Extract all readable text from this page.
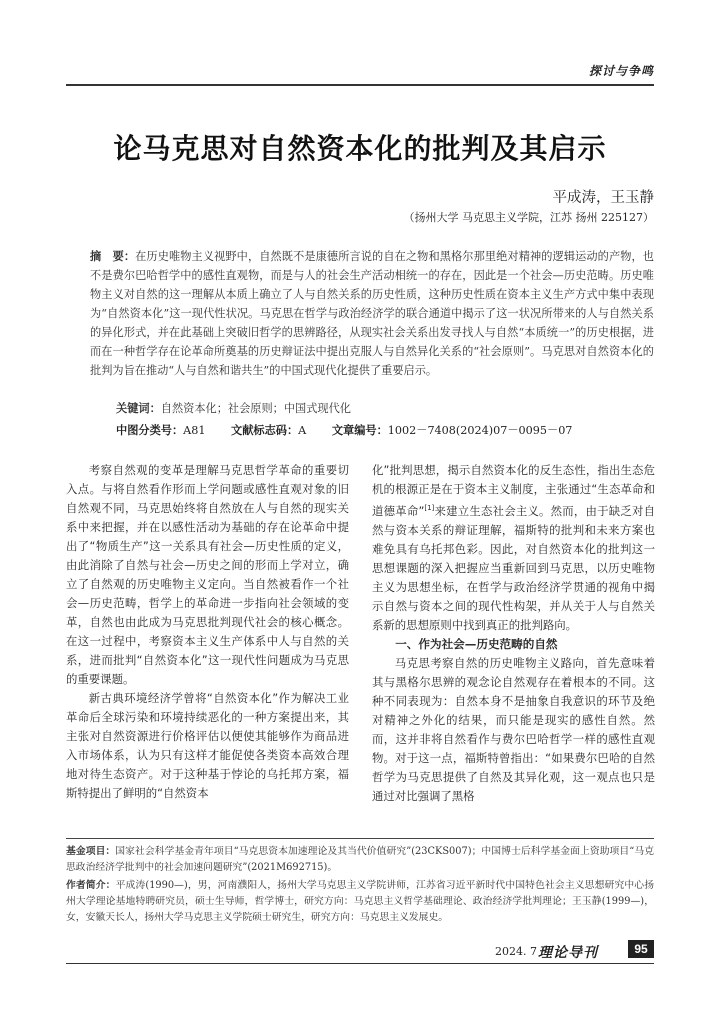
探讨与争鸣
论马克思对自然资本化的批判及其启示
平成涛，王玉静
（扬州大学 马克思主义学院，江苏 扬州 225127）
摘　要：在历史唯物主义视野中，自然既不是康德所言说的自在之物和黑格尔那里绝对精神的逻辑运动的产物，也不是费尔巴哈哲学中的感性直观物，而是与人的社会生产活动相统一的存在，因此是一个社会—历史范畴。历史唯物主义对自然的这一理解从本质上确立了人与自然关系的历史性质，这种历史性质在资本主义生产方式中集中表现为“自然资本化”这一现代性状况。马克思在哲学与政治经济学的联合通道中揭示了这一状况所带来的人与自然关系的异化形式，并在此基础上突破旧哲学的思辨路径，从现实社会关系出发寻找人与自然“本质统一”的历史根据，进而在一种哲学存在论革命所奠基的历史辩证法中提出克服人与自然异化关系的“社会原则”。马克思对自然资本化的批判为旨在推动“人与自然和谐共生”的中国式现代化提供了重要启示。
关键词：自然资本化；社会原则；中国式现代化
中图分类号：A81 文献标志码：A 文章编号：1002－7408(2024)07－0095－07

考察自然观的变革是理解马克思哲学革命的重要切入点。与将自然看作形而上学问题或感性直观对象的旧自然观不同，马克思始终将自然放在人与自然的现实关系中来把握，并在以感性活动为基础的存在论革命中提出了“物质生产”这一关系具有社会—历史性质的定义，由此消除了自然与社会—历史之间的形而上学对立，确立了自然观的历史唯物主义定向。当自然被看作一个社会—历史范畴，哲学上的革命进一步指向社会领域的变革，自然也由此成为马克思批判现代社会的核心概念。在这一过程中，考察资本主义生产体系中人与自然的关系，进而批判“自然资本化”这一现代性问题成为马克思的重要课题。

新古典环境经济学曾将“自然资本化”作为解决工业革命后全球污染和环境持续恶化的一种方案提出来，其主张对自然资源进行价格评估以便使其能够作为商品进入市场体系，认为只有这样才能促使各类资本高效合理地对待生态资产。对于这种基于悖论的乌托邦方案，福斯特提出了鲜明的“自然资本

化”批判思想，揭示自然资本化的反生态性，指出生态危机的根源正是在于资本主义制度，主张通过“生态革命和道德革命”[1]来建立生态社会主义。然而，由于缺乏对自然与资本关系的辩证理解，福斯特的批判和未来方案也难免具有乌托邦色彩。因此，对自然资本化的批判这一思想课题的深入把握应当重新回到马克思，以历史唯物主义为思想坐标，在哲学与政治经济学贯通的视角中揭示自然与资本之间的现代性构架，并从关于人与自然关系新的思想原则中找到真正的批判路向。

一、作为社会—历史范畴的自然

马克思考察自然的历史唯物主义路向，首先意味着其与黑格尔思辨的观念论自然观存在着根本的不同。这种不同表现为：自然本身不是抽象自我意识的环节及绝对精神之外化的结果，而只能是现实的感性自然。然而，这并非将自然看作与费尔巴哈哲学一样的感性直观物。对于这一点，福斯特曾指出：“如果费尔巴哈的自然哲学为马克思提供了自然及其异化观，这一观点也只是通过对比强调了黑格

基金项目：国家社会科学基金青年项目“马克思资本加速理论及其当代价值研究”(23CKS007)；中国博士后科学基金面上资助项目“马克思政治经济学批判中的社会加速问题研究”(2021M692715)。
作者简介：平成涛(1990—)，男，河南濮阳人，扬州大学马克思主义学院讲师，江苏省习近平新时代中国特色社会主义思想研究中心扬州大学理论基地特聘研究员，硕士生导师，哲学博士，研究方向：马克思主义哲学基础理论、政治经济学批判理论；王玉静(1999—)，女，安徽天长人，扬州大学马克思主义学院硕士研究生，研究方向：马克思主义发展史。
2024. 7 理论导刊	95
